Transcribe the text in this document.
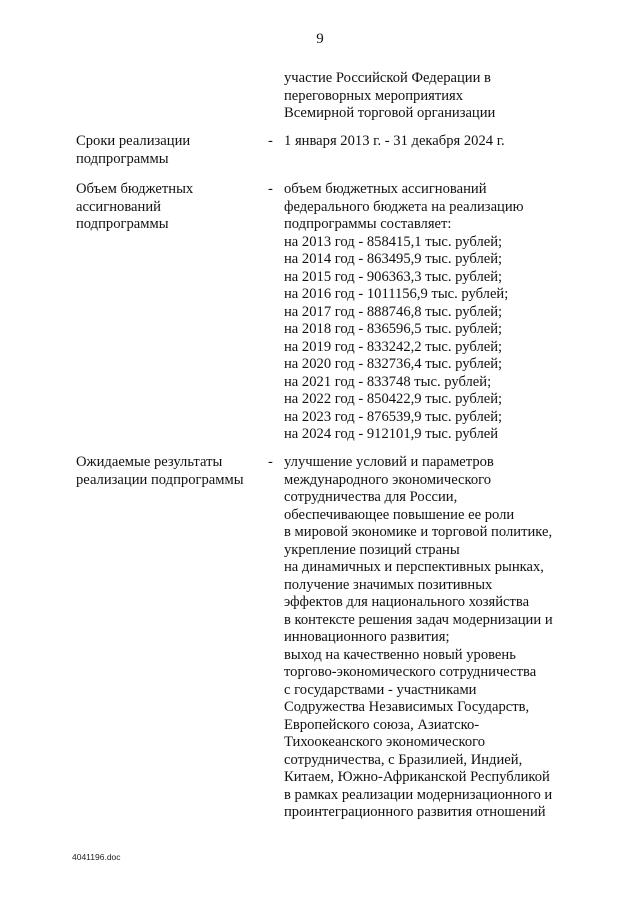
9
участие Российской Федерации в
переговорных мероприятиях
Всемирной торговой организации
Сроки реализации
подпрограммы
- 1 января 2013 г. - 31 декабря 2024 г.
Объем бюджетных
ассигнований
подпрограммы
- объем бюджетных ассигнований
федерального бюджета на реализацию
подпрограммы составляет:
на 2013 год - 858415,1 тыс. рублей;
на 2014 год - 863495,9 тыс. рублей;
на 2015 год - 906363,3 тыс. рублей;
на 2016 год - 1011156,9 тыс. рублей;
на 2017 год - 888746,8 тыс. рублей;
на 2018 год - 836596,5 тыс. рублей;
на 2019 год - 833242,2 тыс. рублей;
на 2020 год - 832736,4 тыс. рублей;
на 2021 год - 833748 тыс. рублей;
на 2022 год - 850422,9 тыс. рублей;
на 2023 год - 876539,9 тыс. рублей;
на 2024 год - 912101,9 тыс. рублей
Ожидаемые результаты
реализации подпрограммы
- улучшение условий и параметров
международного экономического
сотрудничества для России,
обеспечивающее повышение ее роли
в мировой экономике и торговой политике,
укрепление позиций страны
на динамичных и перспективных рынках,
получение значимых позитивных
эффектов для национального хозяйства
в контексте решения задач модернизации и
инновационного развития;
выход на качественно новый уровень
торгово-экономического сотрудничества
с государствами - участниками
Содружества Независимых Государств,
Европейского союза, Азиатско-
Тихоокеанского экономического
сотрудничества, с Бразилией, Индией,
Китаем, Южно-Африканской Республикой
в рамках реализации модернизационного и
проинтеграционного развития отношений
4041196.doc
